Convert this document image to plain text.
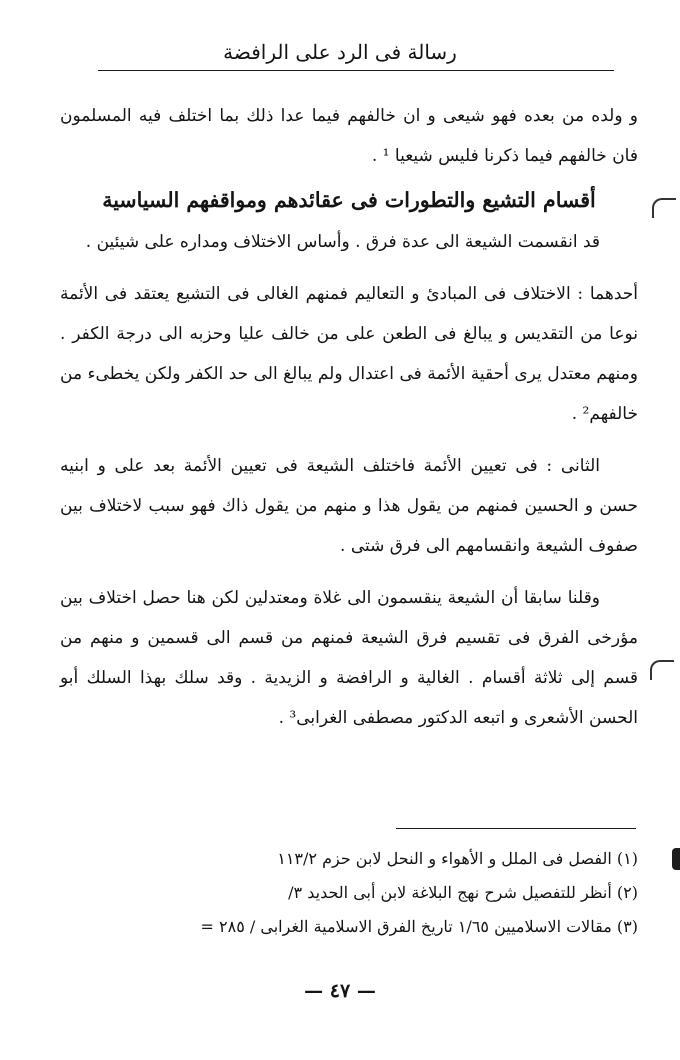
رسالة فى الرد على الرافضة

و ولده من بعده فهو شيعى و ان خالفهم فيما عدا ذلك بما اختلف فيه المسلمون فان خالفهم فيما ذكرنا فليس شيعيا ¹ .

أقسام التشيع والتطورات فى عقائدهم ومواقفهم السياسية

قد انقسمت الشيعة الى عدة فرق . وأساس الاختلاف ومداره على شيئين .

أحدهما : الاختلاف فى المبادئ و التعاليم فمنهم الغالى فى التشيع يعتقد فى الأئمة نوعا من التقديس و يبالغ فى الطعن على من خالف عليا وحزبه الى درجة الكفر . ومنهم معتدل يرى أحقية الأئمة فى اعتدال ولم يبالغ الى حد الكفر ولكن يخطىء من خالفهم² .

الثانى : فى تعيين الأئمة فاختلف الشيعة فى تعيين الأئمة بعد على و ابنيه حسن و الحسين فمنهم من يقول هذا و منهم من يقول ذاك فهو سبب لاختلاف بين صفوف الشيعة وانقسامهم الى فرق شتى .

وقلنا سابقا أن الشيعة ينقسمون الى غلاة ومعتدلين لكن هنا حصل اختلاف بين مؤرخى الفرق فى تقسيم فرق الشيعة فمنهم من قسم الى قسمين و منهم من قسم إلى ثلاثة أقسام . الغالية و الرافضة و الزيدية . وقد سلك بهذا السلك أبو الحسن الأشعرى و اتبعه الدكتور مصطفى الغرابى³ .

(١) الفصل فى الملل و الأهواء و النحل لابن حزم ١١٣/٢
(٢) أنظر للتفصيل شرح نهج البلاغة لابن أبى الحديد ٣/
(٣) مقالات الاسلاميين ١/٦٥ تاريخ الفرق الاسلامية الغرابى / ٢٨٥ =
— ٤٧ —
